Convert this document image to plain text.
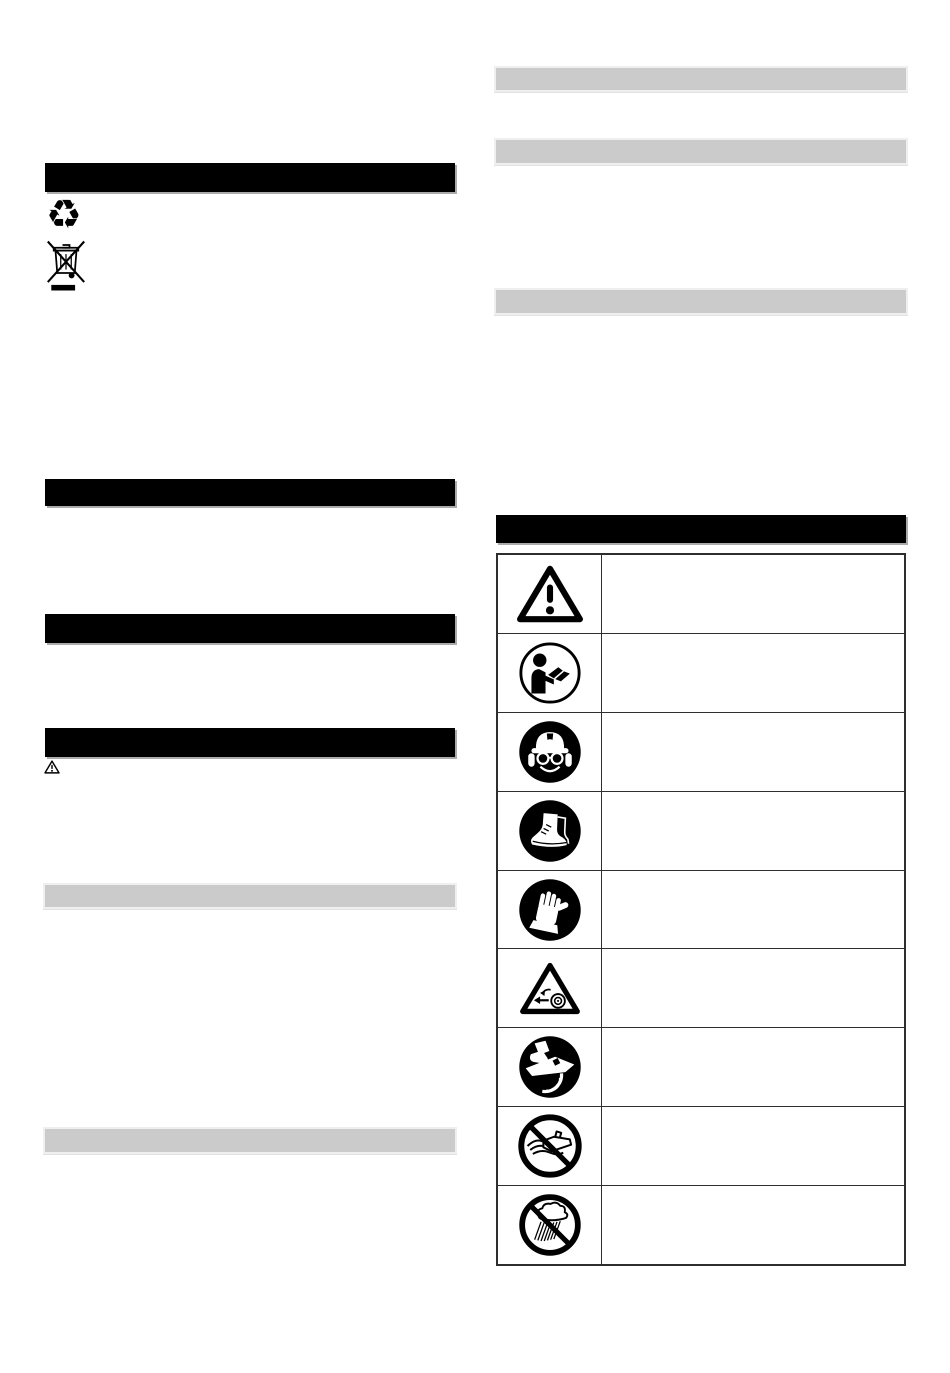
♻
